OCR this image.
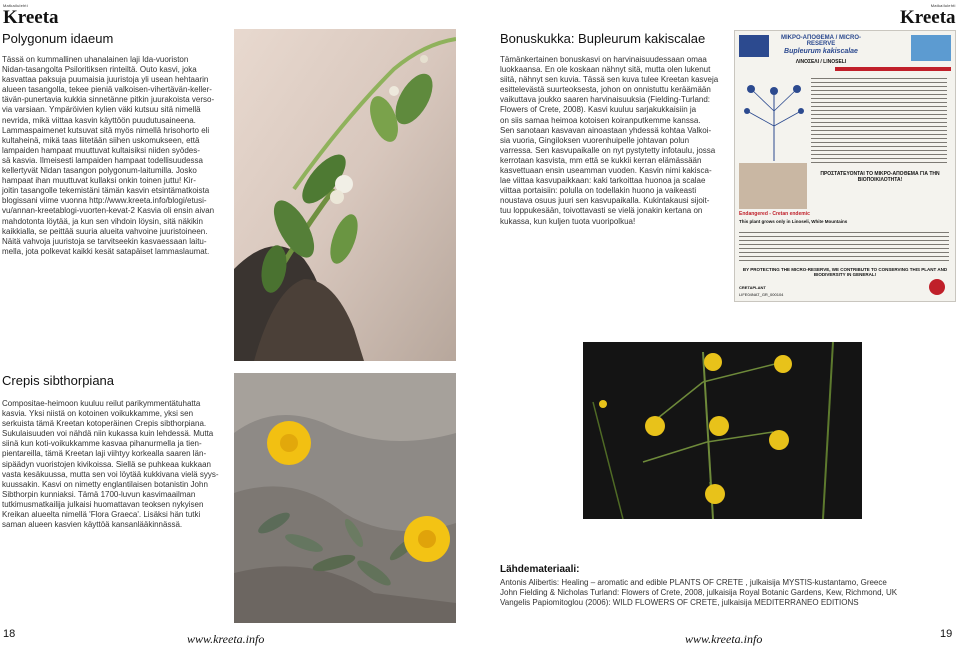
Matkailulehti
Kreeta
Polygonum idaeum
Tässä on kummallinen uhanalainen laji Ida-vuoriston
Nidan-tasangolta Psiloritiksen rinteiltä. Outo kasvi, joka
kasvattaa paksuja puumaisia juuristoja yli usean hehtaarin
alueen tasangolla, tekee pieniä valkoisen-vihertävän-keller-
tävän-punertavia kukkia sinnetänne pitkin juurakoista verso-
via varsiaan. Ympäröivien kylien väki kutsuu sitä nimellä
nevrida, mikä viittaa kasvin käyttöön puudutusaineena.
Lammaspaimenet kutsuvat sitä myös nimellä hrisohorto eli
kultaheinä, mikä taas liitetään siihen uskomukseen, että
lampaiden hampaat muuttuvat kultaisiksi niiden syödes-
sä kasvia. Ilmeisesti lampaiden hampaat todellisuudessa
kellertyvät Nidan tasangon polygonum-laitumilla. Josko
hampaat ihan muuttuvat kullaksi onkin toinen juttu! Kir-
joitin tasangolle tekemistäni tämän kasvin etsintämatkoista
blogissani viime vuonna http://www.kreeta.info/blogi/etusi-
vu/annan-kreetablogi-vuorten-kevat-2 Kasvia oli ensin aivan
mahdotonta löytää, ja kun sen vihdoin löysin, sitä näkikin
kaikkialla, se peittää suuria alueita vahvoine juuristoineen.
Näitä vahvoja juuristoja se tarvitseekin kasvaessaan laitu-
mella, jota polkevat kaikki kesät satapäiset lammaslaumat.
Crepis sibthorpiana
Compositae-heimoon kuuluu reilut parikymmentätuhatta
kasvia. Yksi niistä on kotoinen voikukkamme, yksi sen
serkuista tämä Kreetan kotoperäinen Crepis sibthorpiana.
Sukulaisuuden voi nähdä niin kukassa kuin lehdessä. Mutta
siinä kun koti-voikukkamme kasvaa pihanurmella ja tien-
pientareilla, tämä Kreetan laji viihtyy korkealla saaren län-
sipäädyn vuoristojen kivikoissa. Siellä se puhkeaa kukkaan
vasta kesäkuussa, mutta sen voi löytää kukkivana vielä syys-
kuussakin. Kasvi on nimetty englantilaisen botanistin John
Sibthorpin kunniaksi. Tämä 1700-luvun kasvimaailman
tutkimusmatkailija julkaisi huomattavan teoksen nykyisen
Kreikan alueelta nimellä 'Flora Graeca'. Lisäksi hän tutki
saman alueen kasvien käyttöä kansanlääkinnässä.
18	www.kreeta.info
Matkailulehti
Kreeta
Bonuskukka: Bupleurum kakiscalae
Tämänkertainen bonuskasvi on harvinaisuudessaan omaa
luokkaansa. En ole koskaan nähnyt sitä, mutta olen lukenut
siitä, nähnyt sen kuvia. Tässä sen kuva tulee Kreetan kasveja
esittelevästä suurteoksesta, johon on onnistuttu keräämään
vaikuttava joukko saaren harvinaisuuksia (Fielding-Turland:
Flowers of Crete, 2008). Kasvi kuuluu sarjakukkaisiin ja
on siis samaa heimoa kotoisen koiranputkemme kanssa.
Sen sanotaan kasvavan ainoastaan yhdessä kohtaa Valkoi-
sia vuoria, Gingiloksen vuorenhuipelle johtavan polun
varressa. Sen kasvupaikalle on nyt pystytetty infotaulu, jossa
kerrotaan kasvista, mm että se kukkii kerran elämässään
kasvettuaan ensin useamman vuoden. Kasvin nimi kakisca-
lae viittaa kasvupaikkaan: kaki tarkoittaa huonoa ja scalae
viittaa portaisiin: polulla on todellakin huono ja vaikeasti
noustava osuus juuri sen kasvupaikalla. Kukintakausi sijoit-
tuu loppukesään, toivottavasti se vielä jonakin kertana on
kukassa, kun kuljen tuota vuoripolkua!
ΜΙΚΡΟ-ΑΠΟΘΕΜΑ / MICRO-RESERVE
Bupleurum kakiscalae
ΛΙΝΟΣΕΛΙ / LINOSELI
ΠΡΟΣΤΑΤΕΥΟΝΤΑΙ ΤΟ ΜΙΚΡΟ-ΑΠΟΘΕΜΑ ΓΙΑ ΤΗΝ ΒΙΟΠΟΙΚΙΛΟΤΗΤΑ!
Endangered - Cretan endemic
This plant grows only in Linoseli, White Mountains
BY PROTECTING THE MICRO-RESERVE, WE CONTRIBUTE TO CONSERVING THIS PLANT AND BIODIVERSITY IN GENERAL!
CRETAPLANT
LIFE04NAT_GR_000104
Lähdemateriaali:
Antonis Alibertis: Healing – aromatic and edible PLANTS OF CRETE , julkaisija MYSTIS-kustantamo, Greece
John Fielding & Nicholas Turland: Flowers of Crete, 2008, julkaisija Royal Botanic Gardens, Kew, Richmond, UK
Vangelis Papiomitoglou (2006): WILD FLOWERS OF CRETE, julkaisija MEDITERRANEO EDITIONS
www.kreeta.info	19
